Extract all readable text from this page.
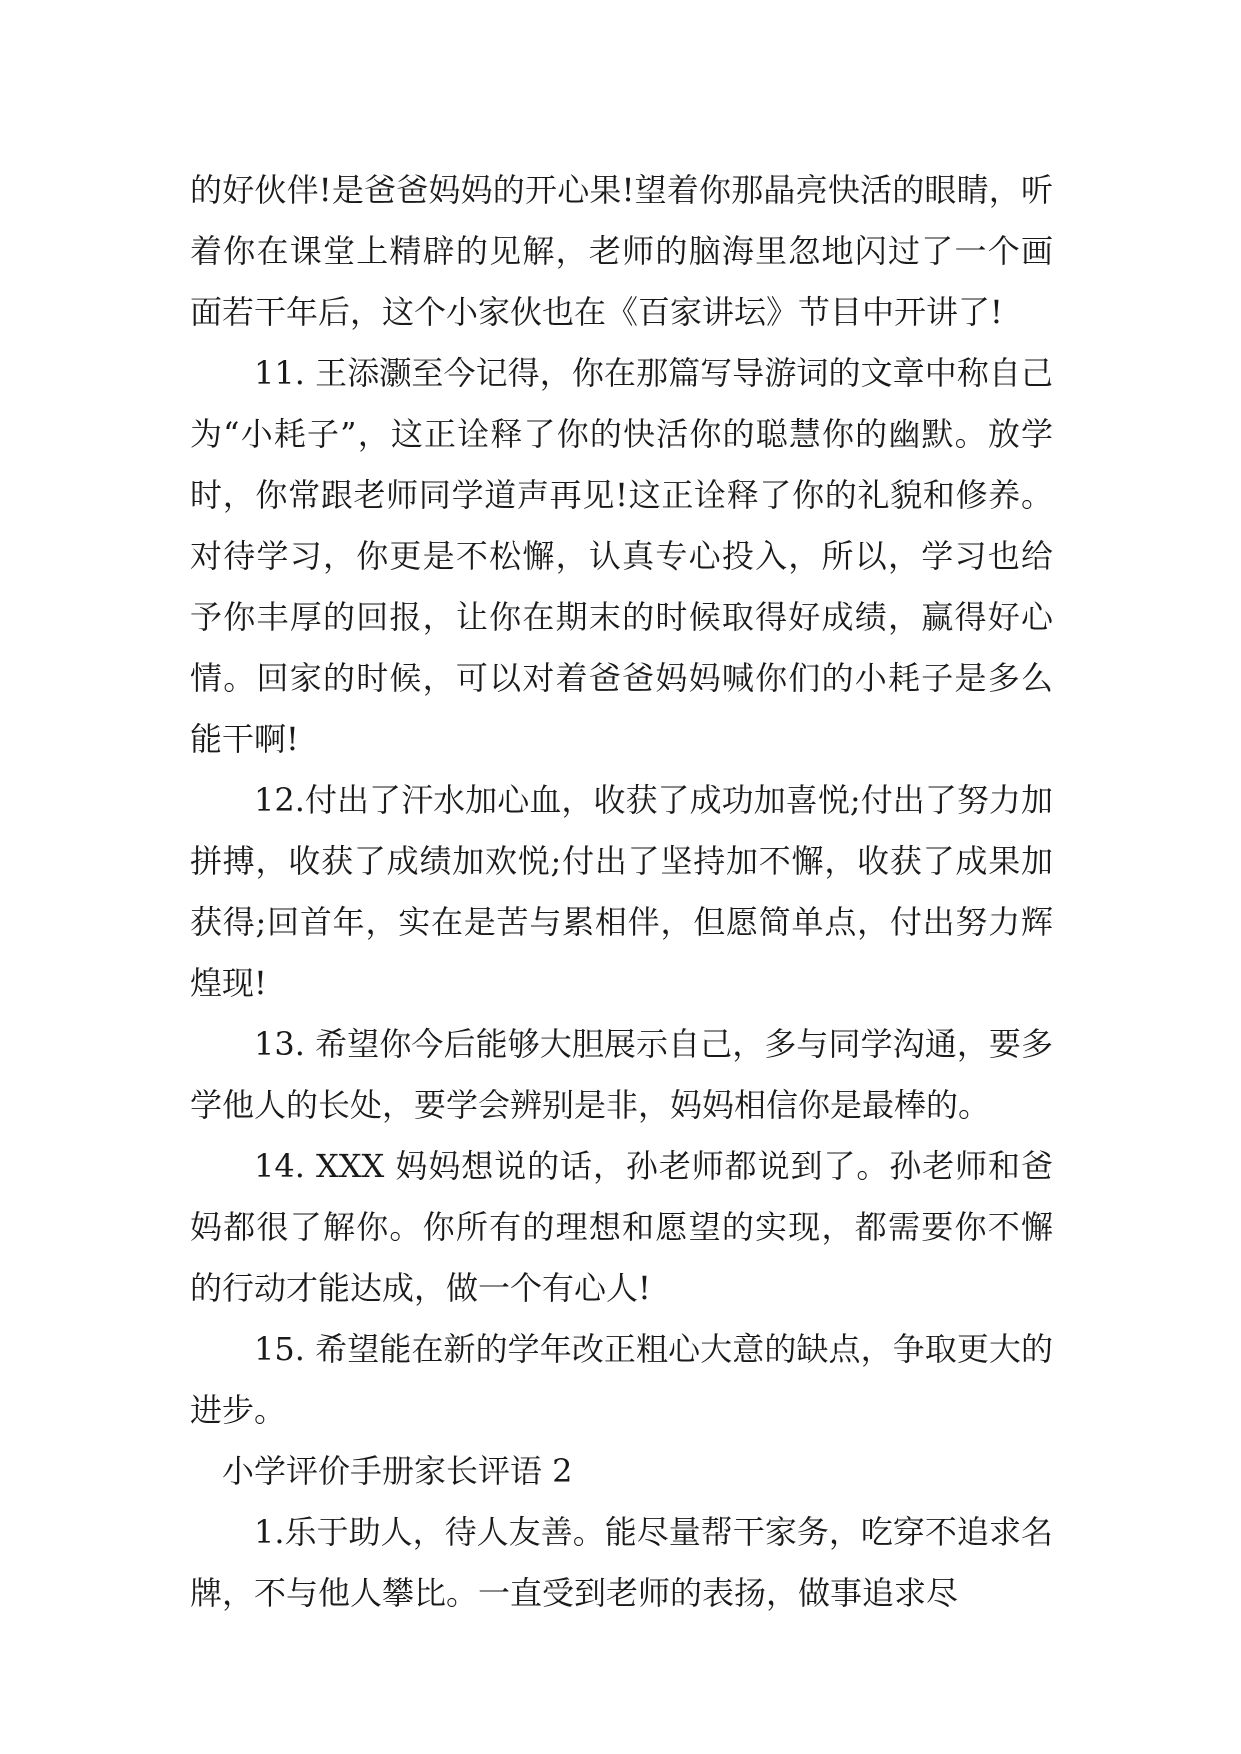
的好伙伴!是爸爸妈妈的开心果!望着你那晶亮快活的眼睛，听着你在课堂上精辟的见解，老师的脑海里忽地闪过了一个画面若干年后，这个小家伙也在《百家讲坛》节目中开讲了!

11. 王添灏至今记得，你在那篇写导游词的文章中称自己为“小耗子”，这正诠释了你的快活你的聪慧你的幽默。放学时，你常跟老师同学道声再见!这正诠释了你的礼貌和修养。对待学习，你更是不松懈，认真专心投入，所以，学习也给予你丰厚的回报，让你在期末的时候取得好成绩，赢得好心情。回家的时候，可以对着爸爸妈妈喊你们的小耗子是多么能干啊!

12.付出了汗水加心血，收获了成功加喜悦;付出了努力加拼搏，收获了成绩加欢悦;付出了坚持加不懈，收获了成果加获得;回首年，实在是苦与累相伴，但愿简单点，付出努力辉煌现!

13. 希望你今后能够大胆展示自己，多与同学沟通，要多学他人的长处，要学会辨别是非，妈妈相信你是最棒的。

14. XXX 妈妈想说的话，孙老师都说到了。孙老师和爸妈都很了解你。你所有的理想和愿望的实现，都需要你不懈的行动才能达成，做一个有心人!

15. 希望能在新的学年改正粗心大意的缺点，争取更大的进步。

小学评价手册家长评语 2

1.乐于助人，待人友善。能尽量帮干家务，吃穿不追求名牌，不与他人攀比。一直受到老师的表扬，做事追求尽
